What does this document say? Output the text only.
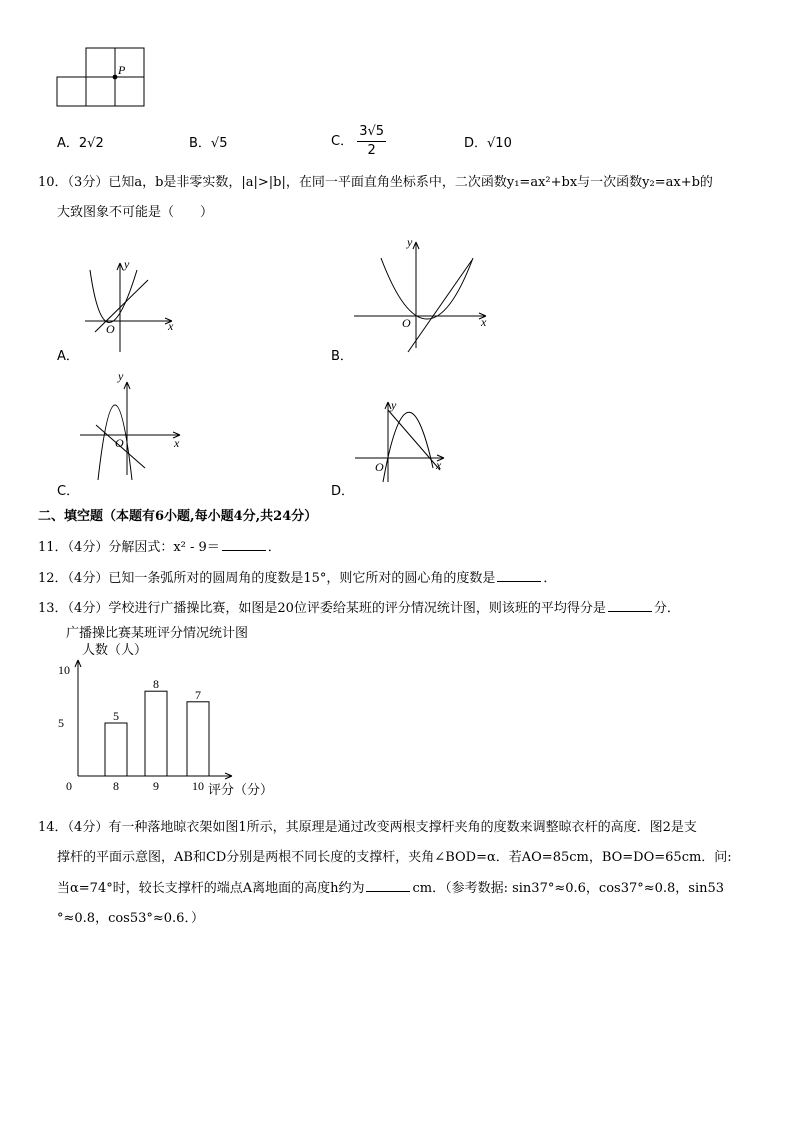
P
A．2√2	B．√5	C． $\frac{3√5}{2}$	D．√10
10．（3分）已知a，b是非零实数，|a|>|b|，在同一平面直角坐标系中，二次函数y₁=ax²+bx与一次函数y₂=ax+b的
大致图象不可能是（　　）
x
y
O	x
y
O
x
y
O
x
y
O
A．	B．
C．	D．
二、填空题（本题有6小题,每小题4分,共24分）
11．（4分）分解因式：x² - 9＝	．
12．（4分）已知一条弧所对的圆周角的度数是15°，则它所对的圆心角的度数是	．
13．（4分）学校进行广播操比赛，如图是20位评委给某班的评分情况统计图，则该班的平均得分是	分．
广播操比赛某班评分情况统计图
人数（人）
评分（分）
0
5
10
5
8
8
9
7
10
14．（4分）有一种落地晾衣架如图1所示，其原理是通过改变两根支撑杆夹角的度数来调整晾衣杆的高度．图2是支
撑杆的平面示意图，AB和CD分别是两根不同长度的支撑杆，夹角∠BOD=α．若AO=85cm，BO=DO=65cm．问:
当α=74°时，较长支撑杆的端点A离地面的高度h约为	cm．（参考数据: sin37°≈0.6，cos37°≈0.8，sin53
°≈0.8，cos53°≈0.6．）
